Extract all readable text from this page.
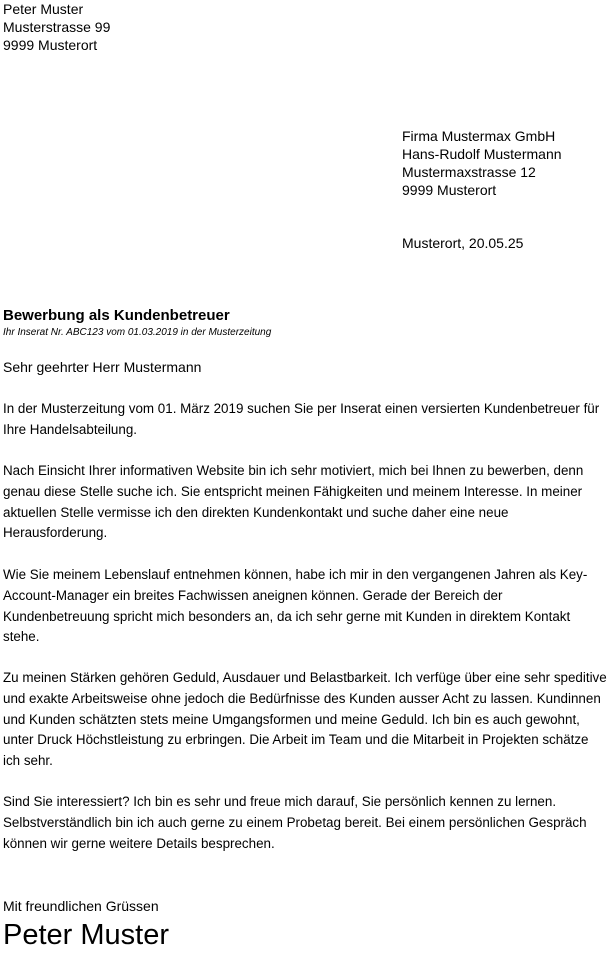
Peter Muster
Musterstrasse 99
9999 Musterort
Firma Mustermax GmbH
Hans-Rudolf Mustermann
Mustermaxstrasse 12
9999 Musterort
Musterort, 20.05.25
Bewerbung als Kundenbetreuer
Ihr Inserat Nr. ABC123 vom 01.03.2019 in der Musterzeitung
Sehr geehrter Herr Mustermann

In der Musterzeitung vom 01. März 2019 suchen Sie per Inserat einen versierten Kundenbetreuer für Ihre Handelsabteilung.

Nach Einsicht Ihrer informativen Website bin ich sehr motiviert, mich bei Ihnen zu bewerben, denn genau diese Stelle suche ich. Sie entspricht meinen Fähigkeiten und meinem Interesse. In meiner aktuellen Stelle vermisse ich den direkten Kundenkontakt und suche daher eine neue Herausforderung.

Wie Sie meinem Lebenslauf entnehmen können, habe ich mir in den vergangenen Jahren als Key-Account-Manager ein breites Fachwissen aneignen können. Gerade der Bereich der Kundenbetreuung spricht mich besonders an, da ich sehr gerne mit Kunden in direktem Kontakt stehe.

Zu meinen Stärken gehören Geduld, Ausdauer und Belastbarkeit. Ich verfüge über eine sehr speditive und exakte Arbeitsweise ohne jedoch die Bedürfnisse des Kunden ausser Acht zu lassen. Kundinnen und Kunden schätzten stets meine Umgangsformen und meine Geduld. Ich bin es auch gewohnt, unter Druck Höchstleistung zu erbringen. Die Arbeit im Team und die Mitarbeit in Projekten schätze ich sehr.

Sind Sie interessiert? Ich bin es sehr und freue mich darauf, Sie persönlich kennen zu lernen. Selbstverständlich bin ich auch gerne zu einem Probetag bereit. Bei einem persönlichen Gespräch können wir gerne weitere Details besprechen.

Mit freundlichen Grüssen
Peter Muster
